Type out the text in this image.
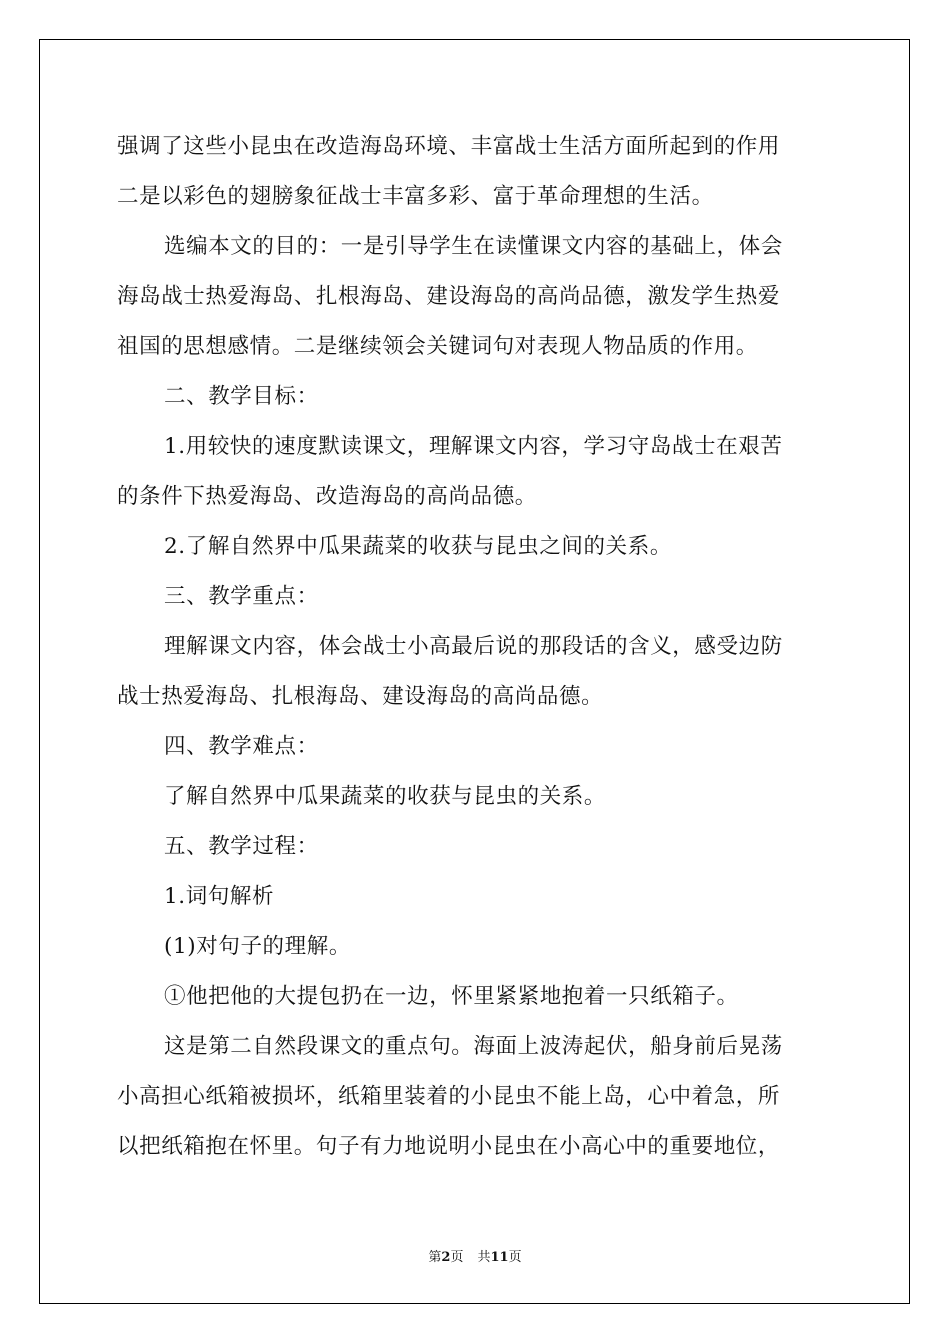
强调了这些小昆虫在改造海岛环境、丰富战士生活方面所起到的作用
二是以彩色的翅膀象征战士丰富多彩、富于革命理想的生活。
选编本文的目的：一是引导学生在读懂课文内容的基础上，体会
海岛战士热爱海岛、扎根海岛、建设海岛的高尚品德，激发学生热爱
祖国的思想感情。二是继续领会关键词句对表现人物品质的作用。
二、教学目标：
1.用较快的速度默读课文，理解课文内容，学习守岛战士在艰苦
的条件下热爱海岛、改造海岛的高尚品德。
2.了解自然界中瓜果蔬菜的收获与昆虫之间的关系。
三、教学重点：
理解课文内容，体会战士小高最后说的那段话的含义，感受边防
战士热爱海岛、扎根海岛、建设海岛的高尚品德。
四、教学难点：
了解自然界中瓜果蔬菜的收获与昆虫的关系。
五、教学过程：
1.词句解析
(1)对句子的理解。
①他把他的大提包扔在一边，怀里紧紧地抱着一只纸箱子。
这是第二自然段课文的重点句。海面上波涛起伏，船身前后晃荡
小高担心纸箱被损坏，纸箱里装着的小昆虫不能上岛，心中着急，所
以把纸箱抱在怀里。句子有力地说明小昆虫在小高心中的重要地位，
第2页 共11页
